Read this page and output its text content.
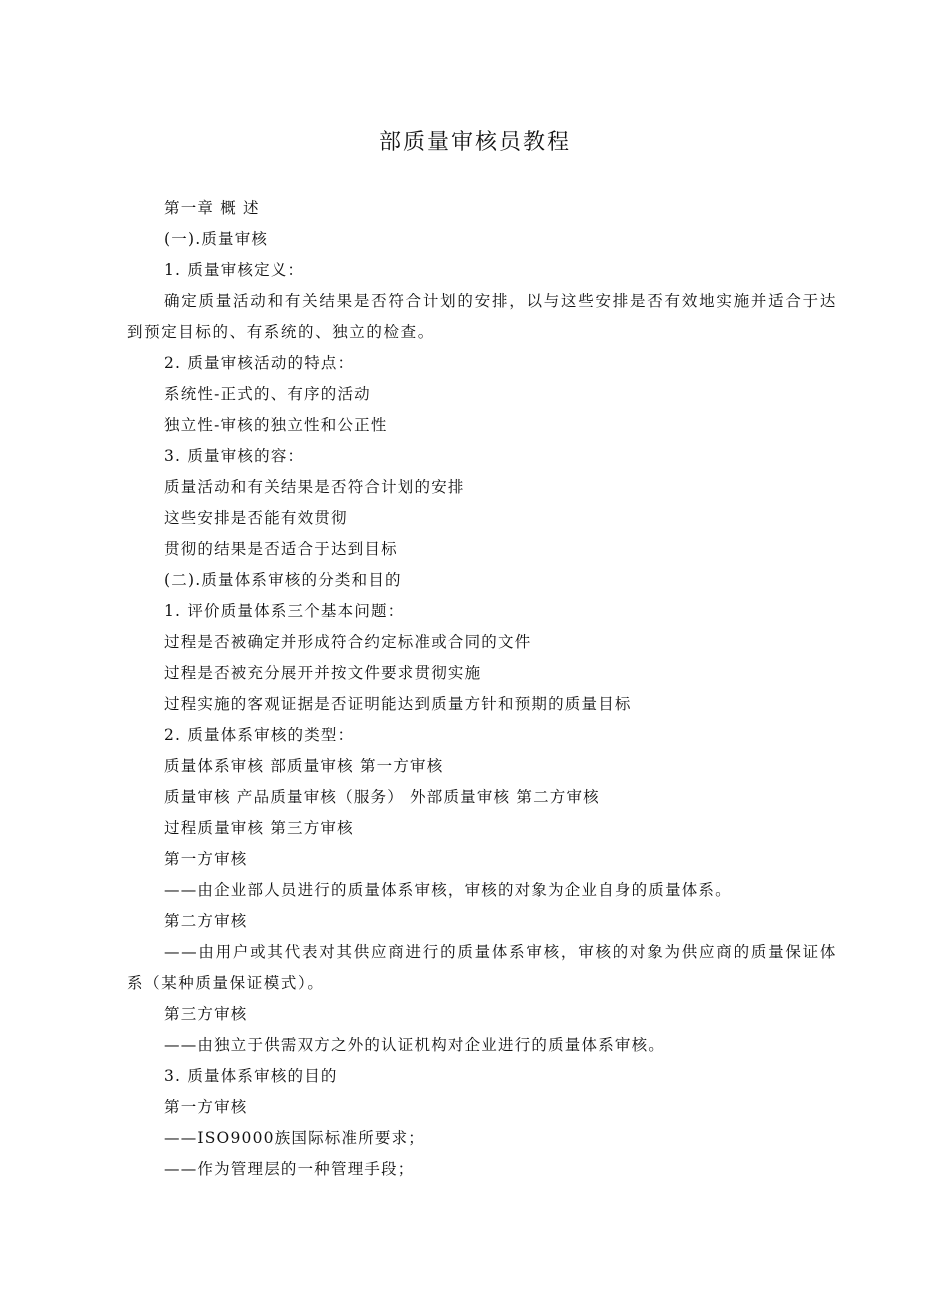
部质量审核员教程

第一章 概 述

(一).质量审核

1. 质量审核定义：

确定质量活动和有关结果是否符合计划的安排，以与这些安排是否有效地实施并适合于达到预定目标的、有系统的、独立的检查。

2. 质量审核活动的特点：

系统性-正式的、有序的活动

独立性-审核的独立性和公正性

3. 质量审核的容：

质量活动和有关结果是否符合计划的安排

这些安排是否能有效贯彻

贯彻的结果是否适合于达到目标

(二).质量体系审核的分类和目的

1. 评价质量体系三个基本问题：

过程是否被确定并形成符合约定标准或合同的文件

过程是否被充分展开并按文件要求贯彻实施

过程实施的客观证据是否证明能达到质量方针和预期的质量目标

2. 质量体系审核的类型：

质量体系审核 部质量审核 第一方审核

质量审核 产品质量审核（服务） 外部质量审核 第二方审核

过程质量审核 第三方审核

第一方审核

——由企业部人员进行的质量体系审核，审核的对象为企业自身的质量体系。

第二方审核

——由用户或其代表对其供应商进行的质量体系审核，审核的对象为供应商的质量保证体系（某种质量保证模式）。

第三方审核

——由独立于供需双方之外的认证机构对企业进行的质量体系审核。

3. 质量体系审核的目的

第一方审核

——ISO9000族国际标准所要求；

——作为管理层的一种管理手段；
